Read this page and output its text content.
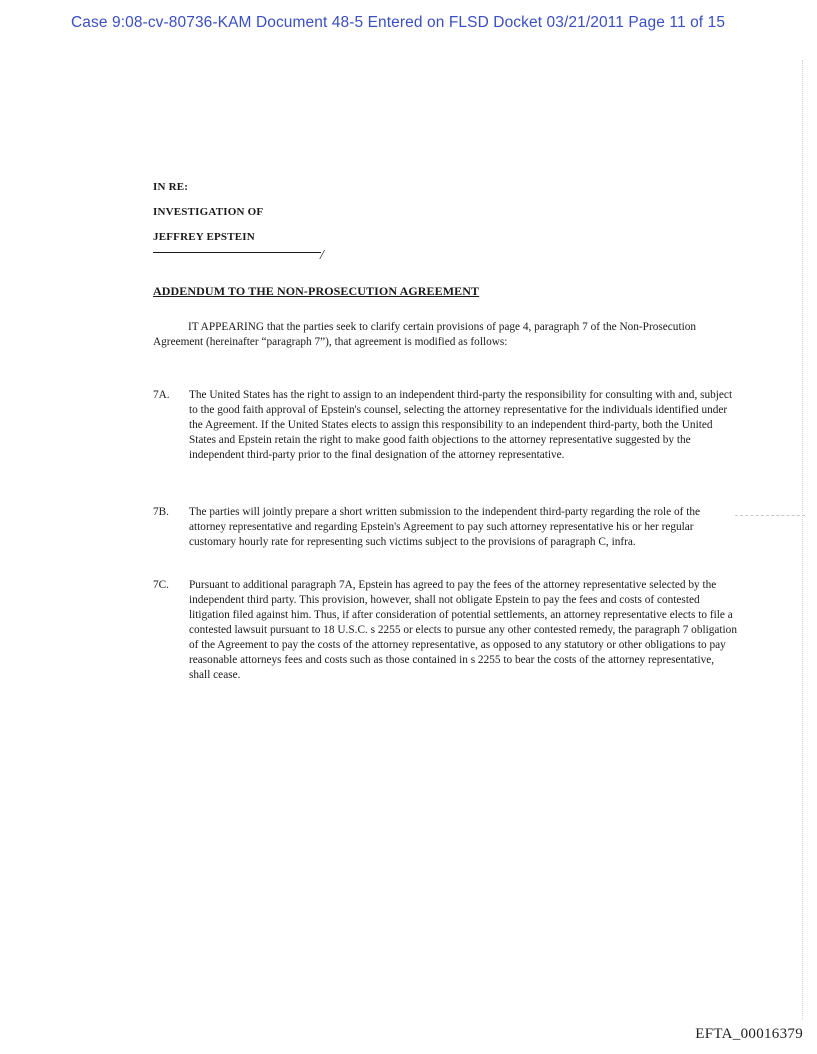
Case 9:08-cv-80736-KAM Document 48-5 Entered on FLSD Docket 03/21/2011 Page 11 of 15
IN RE:
INVESTIGATION OF
JEFFREY EPSTEIN
/
ADDENDUM TO THE NON-PROSECUTION AGREEMENT
IT APPEARING that the parties seek to clarify certain provisions of page 4, paragraph 7 of the Non-Prosecution Agreement (hereinafter “paragraph 7”), that agreement is modified as follows:
7A.	The United States has the right to assign to an independent third-party the responsibility for consulting with and, subject to the good faith approval of Epstein's counsel, selecting the attorney representative for the individuals identified under the Agreement. If the United States elects to assign this responsibility to an independent third-party, both the United States and Epstein retain the right to make good faith objections to the attorney representative suggested by the independent third-party prior to the final designation of the attorney representative.
7B.	The parties will jointly prepare a short written submission to the independent third-party regarding the role of the attorney representative and regarding Epstein's Agreement to pay such attorney representative his or her regular customary hourly rate for representing such victims subject to the provisions of paragraph C, infra.
7C.	Pursuant to additional paragraph 7A, Epstein has agreed to pay the fees of the attorney representative selected by the independent third party. This provision, however, shall not obligate Epstein to pay the fees and costs of contested litigation filed against him. Thus, if after consideration of potential settlements, an attorney representative elects to file a contested lawsuit pursuant to 18 U.S.C. s 2255 or elects to pursue any other contested remedy, the paragraph 7 obligation of the Agreement to pay the costs of the attorney representative, as opposed to any statutory or other obligations to pay reasonable attorneys fees and costs such as those contained in s 2255 to bear the costs of the attorney representative, shall cease.
EFTA_00016379
